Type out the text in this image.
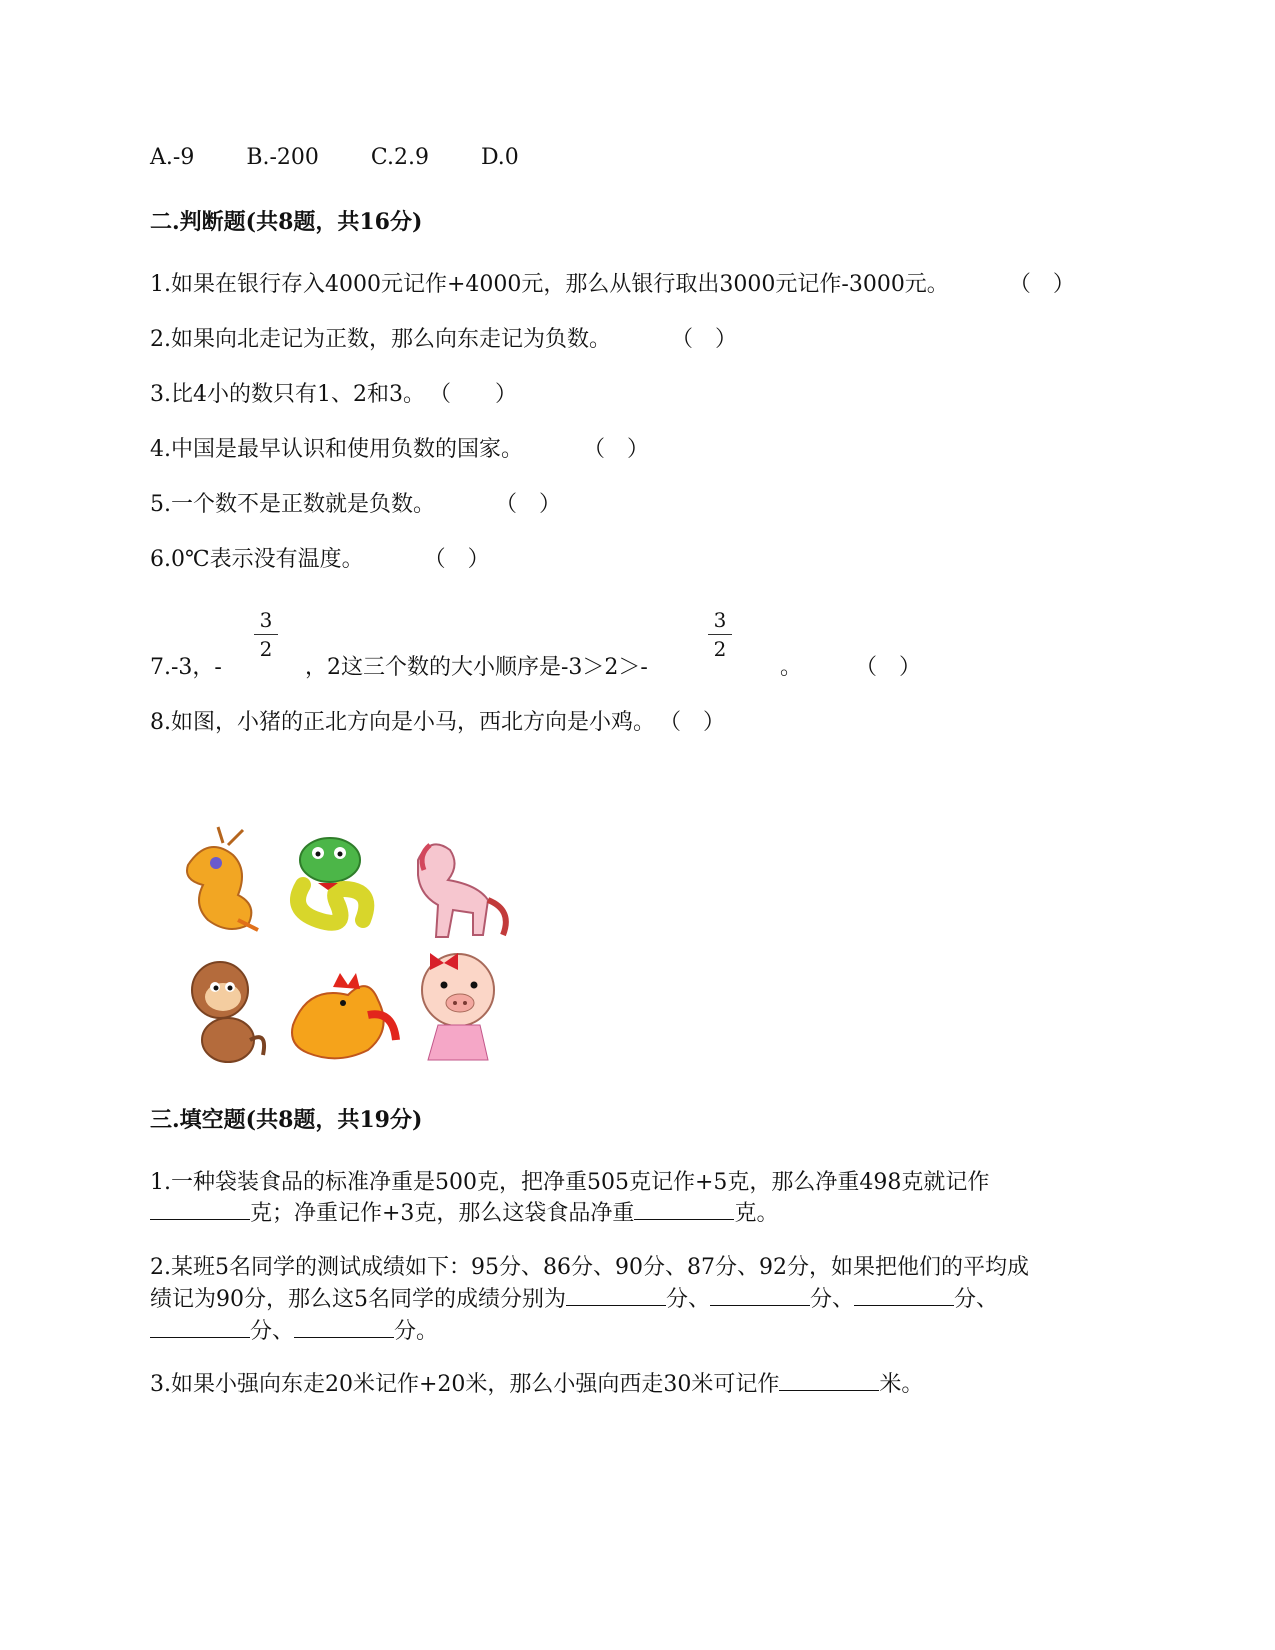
A.-9 B.-200 C.2.9 D.0
二.判断题(共8题，共16分)
1.如果在银行存入4000元记作+4000元，那么从银行取出3000元记作-3000元。	（　）
2.如果向北走记为正数，那么向东走记为负数。	（　）
3.比4小的数只有1、2和3。 （　　）
4.中国是最早认识和使用负数的国家。	（　）
5.一个数不是正数就是负数。	（　）
6.0℃表示没有温度。	（　）
3
2
3
2
7.-3，-	，2这三个数的大小顺序是-3＞2＞-	。 （　）
8.如图，小猪的正北方向是小马，西北方向是小鸡。 （　）
三.填空题(共8题，共19分)
1.一种袋装食品的标准净重是500克，把净重505克记作+5克，那么净重498克就记作
克；净重记作+3克，那么这袋食品净重	克。
2.某班5名同学的测试成绩如下：95分、86分、90分、87分、92分，如果把他们的平均成
绩记为90分，那么这5名同学的成绩分别为	分、	分、	分、
分、	分。
3.如果小强向东走20米记作+20米，那么小强向西走30米可记作	米。
